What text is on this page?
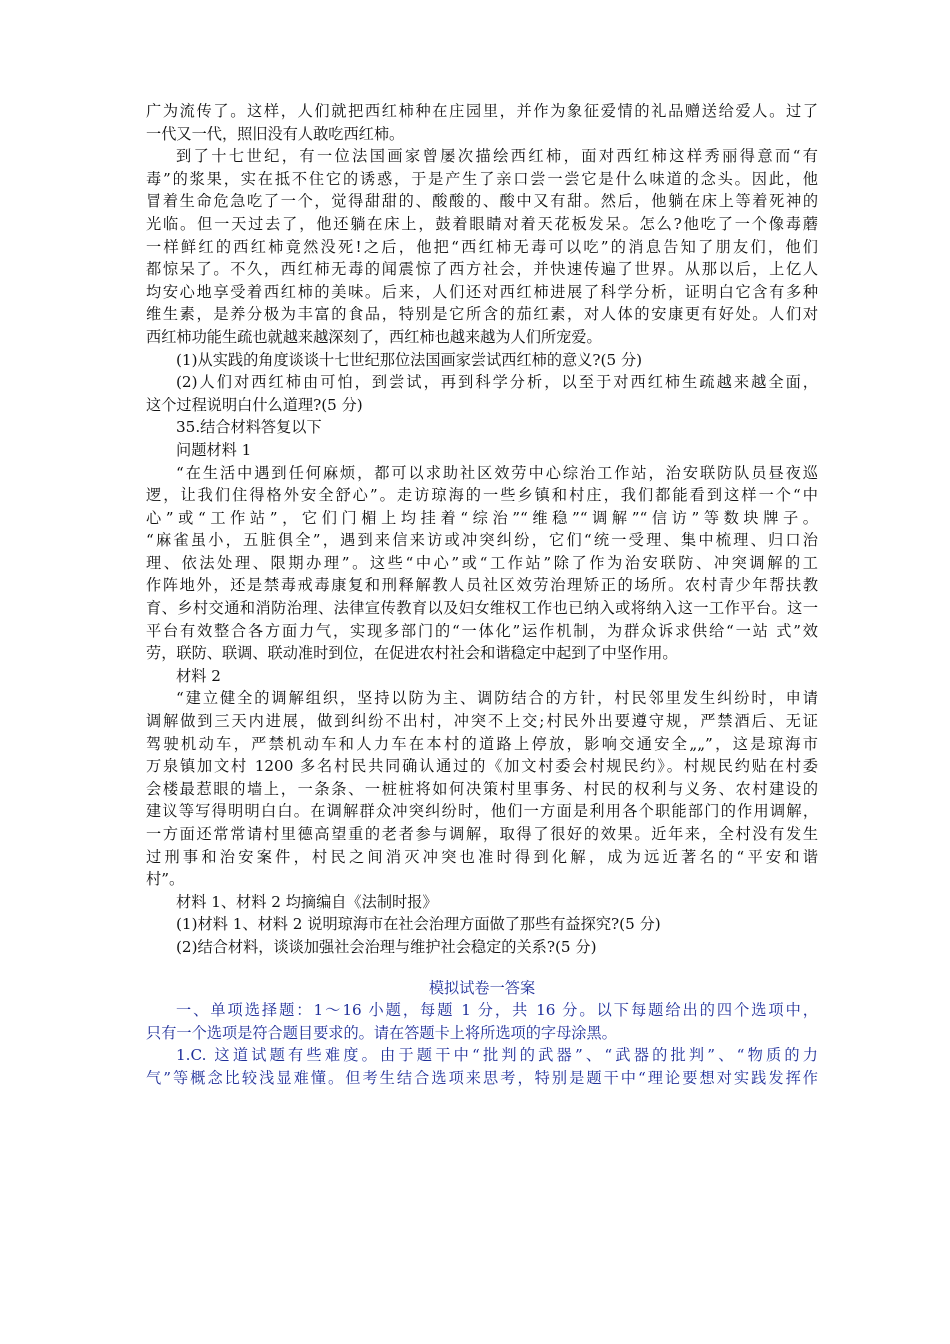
广为流传了。这样，人们就把西红柿种在庄园里，并作为象征爱情的礼品赠送给爱人。过了
一代又一代，照旧没有人敢吃西红柿。
到了十七世纪，有一位法国画家曾屡次描绘西红柿，面对西红柿这样秀丽得意而“有
毒”的浆果，实在抵不住它的诱惑，于是产生了亲口尝一尝它是什么味道的念头。因此，他
冒着生命危急吃了一个，觉得甜甜的、酸酸的、酸中又有甜。然后，他躺在床上等着死神的
光临。但一天过去了，他还躺在床上，鼓着眼睛对着天花板发呆。怎么?他吃了一个像毒蘑
一样鲜红的西红柿竟然没死!之后，他把“西红柿无毒可以吃”的消息告知了朋友们，他们
都惊呆了。不久，西红柿无毒的闻震惊了西方社会，并快速传遍了世界。从那以后，上亿人
均安心地享受着西红柿的美味。后来，人们还对西红柿进展了科学分析，证明白它含有多种
维生素，是养分极为丰富的食品，特别是它所含的茄红素，对人体的安康更有好处。人们对
西红柿功能生疏也就越来越深刻了，西红柿也越来越为人们所宠爱。
(1)从实践的角度谈谈十七世纪那位法国画家尝试西红柿的意义?(5 分)
(2)人们对西红柿由可怕，到尝试，再到科学分析，以至于对西红柿生疏越来越全面，
这个过程说明白什么道理?(5 分)
35.结合材料答复以下
问题材料 1
“在生活中遇到任何麻烦，都可以求助社区效劳中心综治工作站，治安联防队员昼夜巡
逻，让我们住得格外安全舒心”。走访琼海的一些乡镇和村庄，我们都能看到这样一个“中
心”或“工作站”，它们门楣上均挂着“综治”“维稳”“调解”“信访”等数块牌子。
“麻雀虽小，五脏俱全”，遇到来信来访或冲突纠纷，它们“统一受理、集中梳理、归口治
理、依法处理、限期办理”。这些“中心”或“工作站”除了作为治安联防、冲突调解的工
作阵地外，还是禁毒戒毒康复和刑释解教人员社区效劳治理矫正的场所。农村青少年帮扶教
育、乡村交通和消防治理、法律宣传教育以及妇女维权工作也已纳入或将纳入这一工作平台。这一
平台有效整合各方面力气，实现多部门的“一体化”运作机制，为群众诉求供给“一站 式”效
劳，联防、联调、联动准时到位，在促进农村社会和谐稳定中起到了中坚作用。
材料 2
“建立健全的调解组织，坚持以防为主、调防结合的方针，村民邻里发生纠纷时，申请
调解做到三天内进展，做到纠纷不出村，冲突不上交;村民外出要遵守规，严禁酒后、无证
驾驶机动车，严禁机动车和人力车在本村的道路上停放，影响交通安全„„”，这是琼海市
万泉镇加文村 1200 多名村民共同确认通过的《加文村委会村规民约》。村规民约贴在村委
会楼最惹眼的墙上，一条条、一桩桩将如何决策村里事务、村民的权利与义务、农村建设的
建议等写得明明白白。在调解群众冲突纠纷时，他们一方面是利用各个职能部门的作用调解，
一方面还常常请村里德高望重的老者参与调解，取得了很好的效果。近年来，全村没有发生
过刑事和治安案件，村民之间消灭冲突也准时得到化解，成为远近著名的“平安和谐
村”。
材料 1、材料 2 均摘编自《法制时报》
(1)材料 1、材料 2 说明琼海市在社会治理方面做了那些有益探究?(5 分)
(2)结合材料，谈谈加强社会治理与维护社会稳定的关系?(5 分)
模拟试卷一答案
一、单项选择题：1～16 小题，每题 1 分，共 16 分。以下每题给出的四个选项中，
只有一个选项是符合题目要求的。请在答题卡上将所选项的字母涂黑。
1.C. 这道试题有些难度。由于题干中“批判的武器”、“武器的批判”、“物质的力
气”等概念比较浅显难懂。但考生结合选项来思考，特别是题干中“理论要想对实践发挥作
